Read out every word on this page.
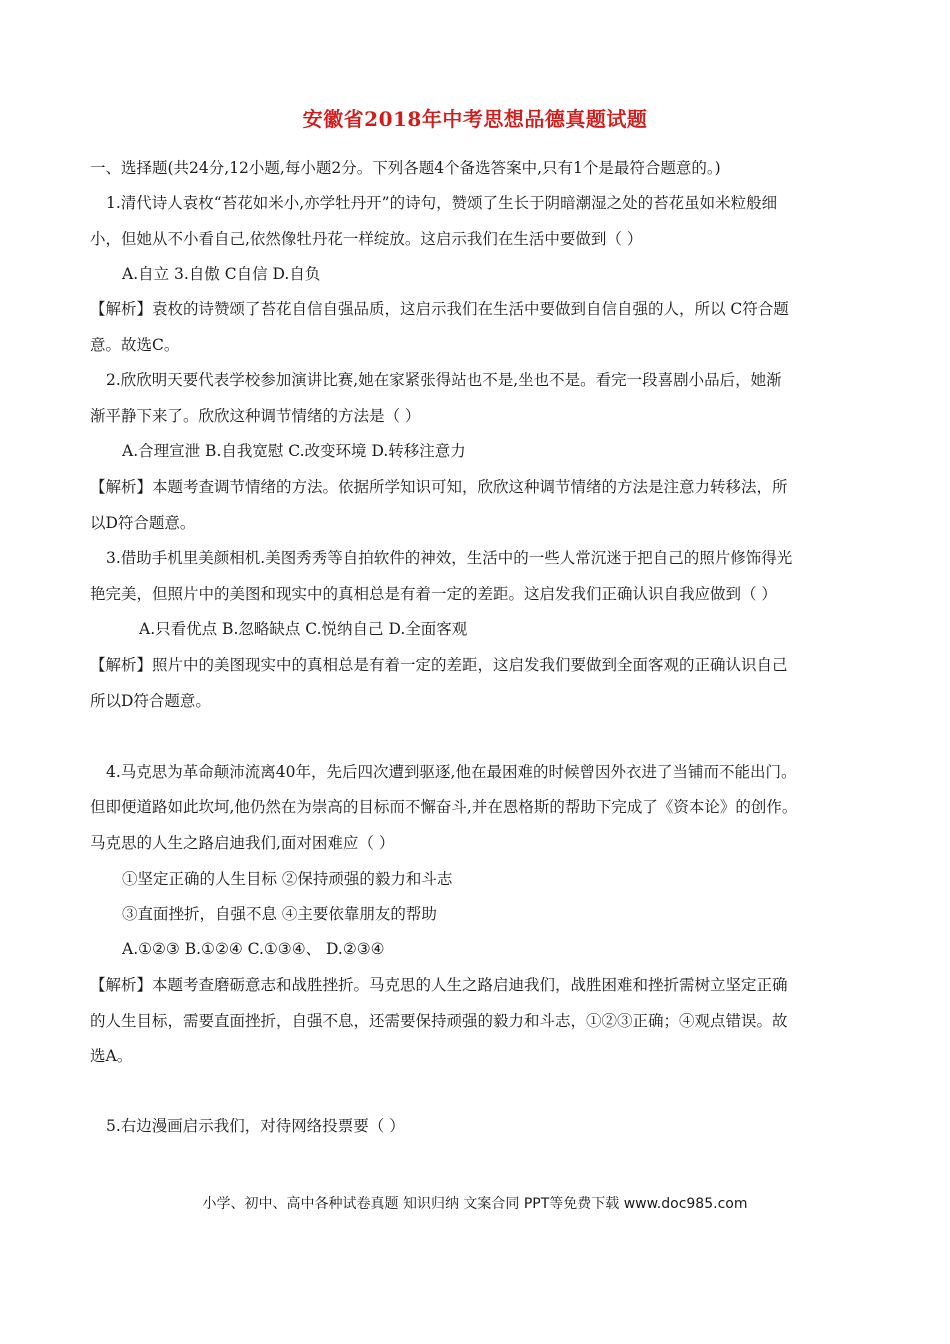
安徽省2018年中考思想品德真题试题
一、选择题(共24分,12小题,每小题2分。下列各题4个备选答案中,只有1个是最符合题意的。)
1.清代诗人袁枚“苔花如米小,亦学牡丹开”的诗句，赞颂了生长于阴暗潮湿之处的苔花虽如米粒般细
小，但她从不小看自己,依然像牡丹花一样绽放。这启示我们在生活中要做到（ ）
A.自立 3.自傲 C自信 D.自负
【解析】袁枚的诗赞颂了苔花自信自强品质，这启示我们在生活中要做到自信自强的人，所以 C符合题
意。故选C。
2.欣欣明天要代表学校参加演讲比赛,她在家紧张得站也不是,坐也不是。看完一段喜剧小品后，她渐
渐平静下来了。欣欣这种调节情绪的方法是（ ）
A.合理宣泄 B.自我宽慰 C.改变环境 D.转移注意力
【解析】本题考查调节情绪的方法。依据所学知识可知，欣欣这种调节情绪的方法是注意力转移法，所
以D符合题意。
3.借助手机里美颜相机.美图秀秀等自拍软件的神效，生活中的一些人常沉迷于把自己的照片修饰得光
艳完美，但照片中的美图和现实中的真相总是有着一定的差距。这启发我们正确认识自我应做到（ ）
A.只看优点 B.忽略缺点 C.悦纳自己 D.全面客观
【解析】照片中的美图现实中的真相总是有着一定的差距，这启发我们要做到全面客观的正确认识自己
所以D符合题意。
4.马克思为革命颠沛流离40年，先后四次遭到驱逐,他在最困难的时候曾因外衣进了当铺而不能出门。
但即便道路如此坎坷,他仍然在为崇高的目标而不懈奋斗,并在恩格斯的帮助下完成了《资本论》的创作。
马克思的人生之路启迪我们,面对困难应（ ）
①坚定正确的人生目标 ②保持顽强的毅力和斗志
③直面挫折，自强不息 ④主要依靠朋友的帮助
A.①②③ B.①②④ C.①③④、 D.②③④
【解析】本题考查磨砺意志和战胜挫折。马克思的人生之路启迪我们，战胜困难和挫折需树立坚定正确
的人生目标，需要直面挫折，自强不息，还需要保持顽强的毅力和斗志，①②③正确；④观点错误。故
选A。
5.右边漫画启示我们，对待网络投票要（ ）
小学、初中、高中各种试卷真题 知识归纳 文案合同 PPT等免费下载 www.doc985.com
